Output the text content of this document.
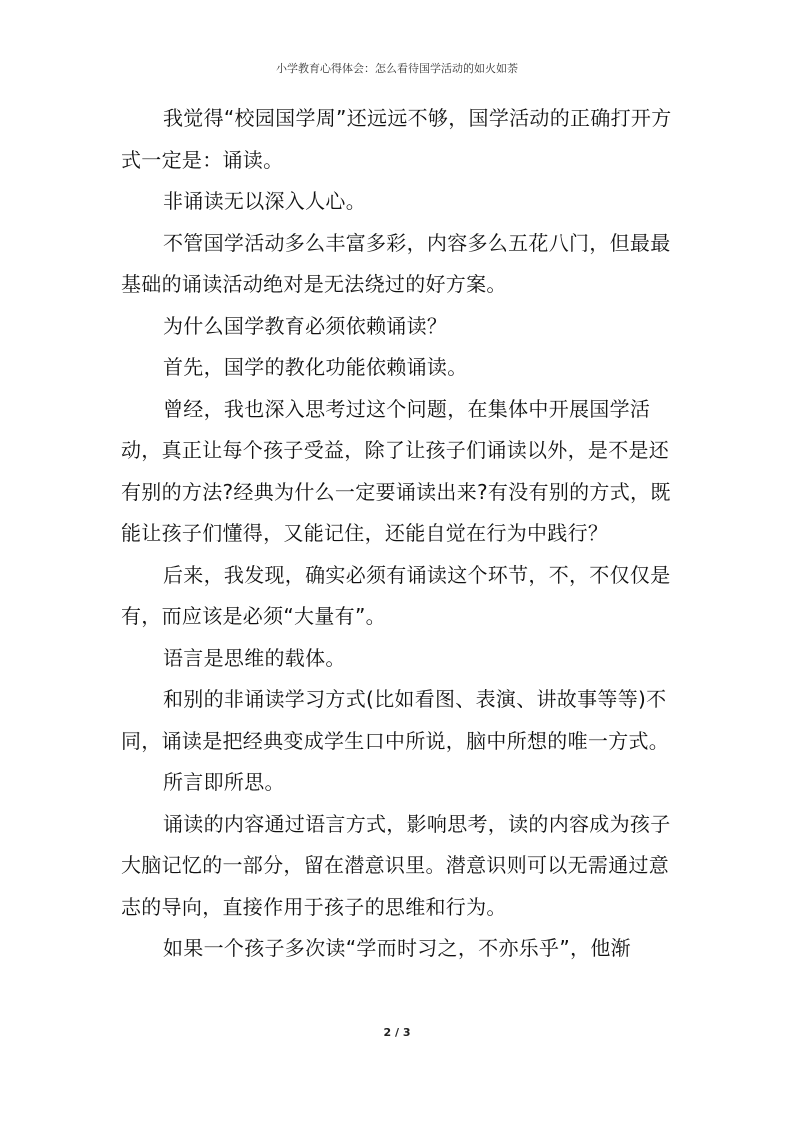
小学教育心得体会：怎么看待国学活动的如火如荼

我觉得“校园国学周”还远远不够，国学活动的正确打开方式一定是：诵读。

非诵读无以深入人心。

不管国学活动多么丰富多彩，内容多么五花八门，但最最基础的诵读活动绝对是无法绕过的好方案。

为什么国学教育必须依赖诵读？

首先，国学的教化功能依赖诵读。

曾经，我也深入思考过这个问题，在集体中开展国学活动，真正让每个孩子受益，除了让孩子们诵读以外，是不是还有别的方法?经典为什么一定要诵读出来?有没有别的方式，既能让孩子们懂得，又能记住，还能自觉在行为中践行？

后来，我发现，确实必须有诵读这个环节，不，不仅仅是有，而应该是必须“大量有”。

语言是思维的载体。

和别的非诵读学习方式(比如看图、表演、讲故事等等)不同，诵读是把经典变成学生口中所说，脑中所想的唯一方式。

所言即所思。

诵读的内容通过语言方式，影响思考，读的内容成为孩子大脑记忆的一部分，留在潜意识里。潜意识则可以无需通过意志的导向，直接作用于孩子的思维和行为。

如果一个孩子多次读“学而时习之，不亦乐乎”，他渐

2 / 3
